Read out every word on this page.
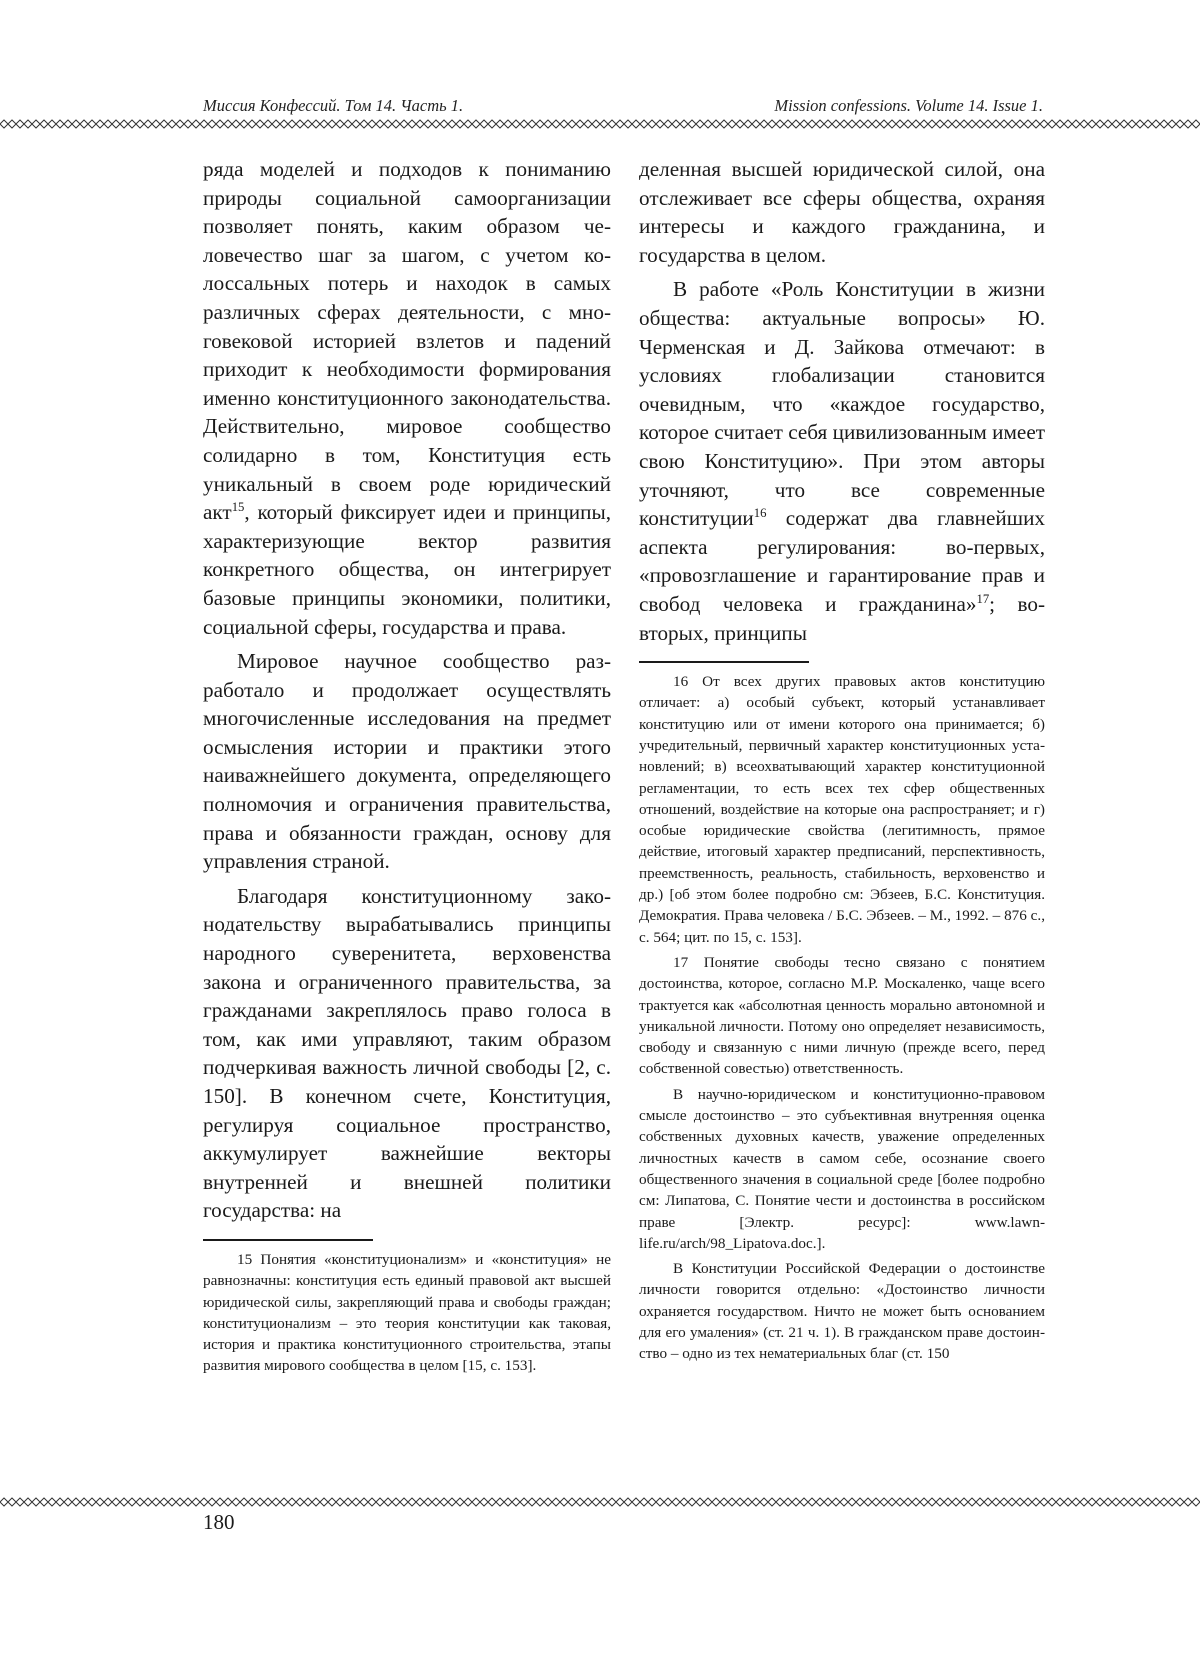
Миссия Конфессий. Том 14. Часть 1.	Mission confessions. Volume 14. Issue 1.

ряда моделей и подходов к пониманию природы социальной самоорганизации позволяет понять, каким образом человечество шаг за шагом, с учетом колоссальных потерь и находок в самых различных сферах деятельности, с многовековой историей взлетов и падений приходит к необходимости формирования именно конституционного законодательства. Действительно, мировое сообщество солидарно в том, Конституция есть уникальный в своем роде юридический акт$^{15}$, который фиксирует идеи и принципы, характеризующие вектор развития конкретного общества, он интегрирует базовые принципы экономики, политики, социальной сферы, государства и права.

Мировое научное сообщество разработало и продолжает осуществлять многочисленные исследования на предмет осмысления истории и практики этого наиважнейшего документа, определяющего полномочия и ограничения правительства, права и обязанности граждан, основу для управления страной.

Благодаря конституционному законодательству вырабатывались принципы народного суверенитета, верховенства закона и ограниченного правительства, за гражданами закреплялось право голоса в том, как ими управляют, таким образом подчеркивая важность личной свободы [2, с. 150]. В конечном счете, Конституция, регулируя социальное пространство, аккумулирует важнейшие векторы внутренней и внешней политики государства: на

15 Понятия «конституционализм» и «конституция» не равнозначны: конституция есть единый правовой акт высшей юридической силы, закрепляющий права и свободы граждан; конституционализм – это теория конституции как таковая, история и практика конституционного строительства, этапы развития мирового сообщества в целом [15, с. 153].

деленная высшей юридической силой, она отслеживает все сферы общества, охраняя интересы и каждого гражданина, и государства в целом.

В работе «Роль Конституции в жизни общества: актуальные вопросы» Ю. Черменская и Д. Зайкова отмечают: в условиях глобализации становится очевидным, что «каждое государство, которое считает себя цивилизованным имеет свою Конституцию». При этом авторы уточняют, что все современные конституции$^{16}$ содержат два главнейших аспекта регулирования: во-первых, «провозглашение и гарантирование прав и свобод человека и гражданина»$^{17}$; во-вторых, принципы

16 От всех других правовых актов конституцию отличает: а) особый субъект, который устанавливает конституцию или от имени которого она принимается; б) учредительный, первичный характер конституционных установлений; в) всеохватывающий характер конституционной регламентации, то есть всех тех сфер общественных отношений, воздействие на которые она распространяет; и г) особые юридические свойства (легитимность, прямое действие, итоговый характер предписаний, перспективность, преемственность, реальность, стабильность, верховенство и др.) [об этом более подробно см: Эбзеев, Б.С. Конституция. Демократия. Права человека / Б.С. Эбзеев. – М., 1992. – 876 с., с. 564; цит. по 15, с. 153].

17 Понятие свободы тесно связано с понятием достоинства, которое, согласно М.Р. Москаленко, чаще всего трактуется как «абсолютная ценность морально автономной и уникальной личности. Потому оно определяет независимость, свободу и связанную с ними личную (прежде всего, перед собственной совестью) ответственность.

В научно-юридическом и конституционно-правовом смысле достоинство – это субъективная внутренняя оценка собственных духовных качеств, уважение определенных личностных качеств в самом себе, осознание своего общественного значения в социальной среде [более подробно см: Липатова, С. Понятие чести и достоинства в российском праве [Электр. ресурс]: www.lawnlife.ru/arch/98_Lipatova.doc.].

В Конституции Российской Федерации о достоинстве личности говорится отдельно: «Достоинство личности охраняется государством. Ничто не может быть основанием для его умаления» (ст. 21 ч. 1). В гражданском праве достоинство – одно из тех нематериальных благ (ст. 150

180
